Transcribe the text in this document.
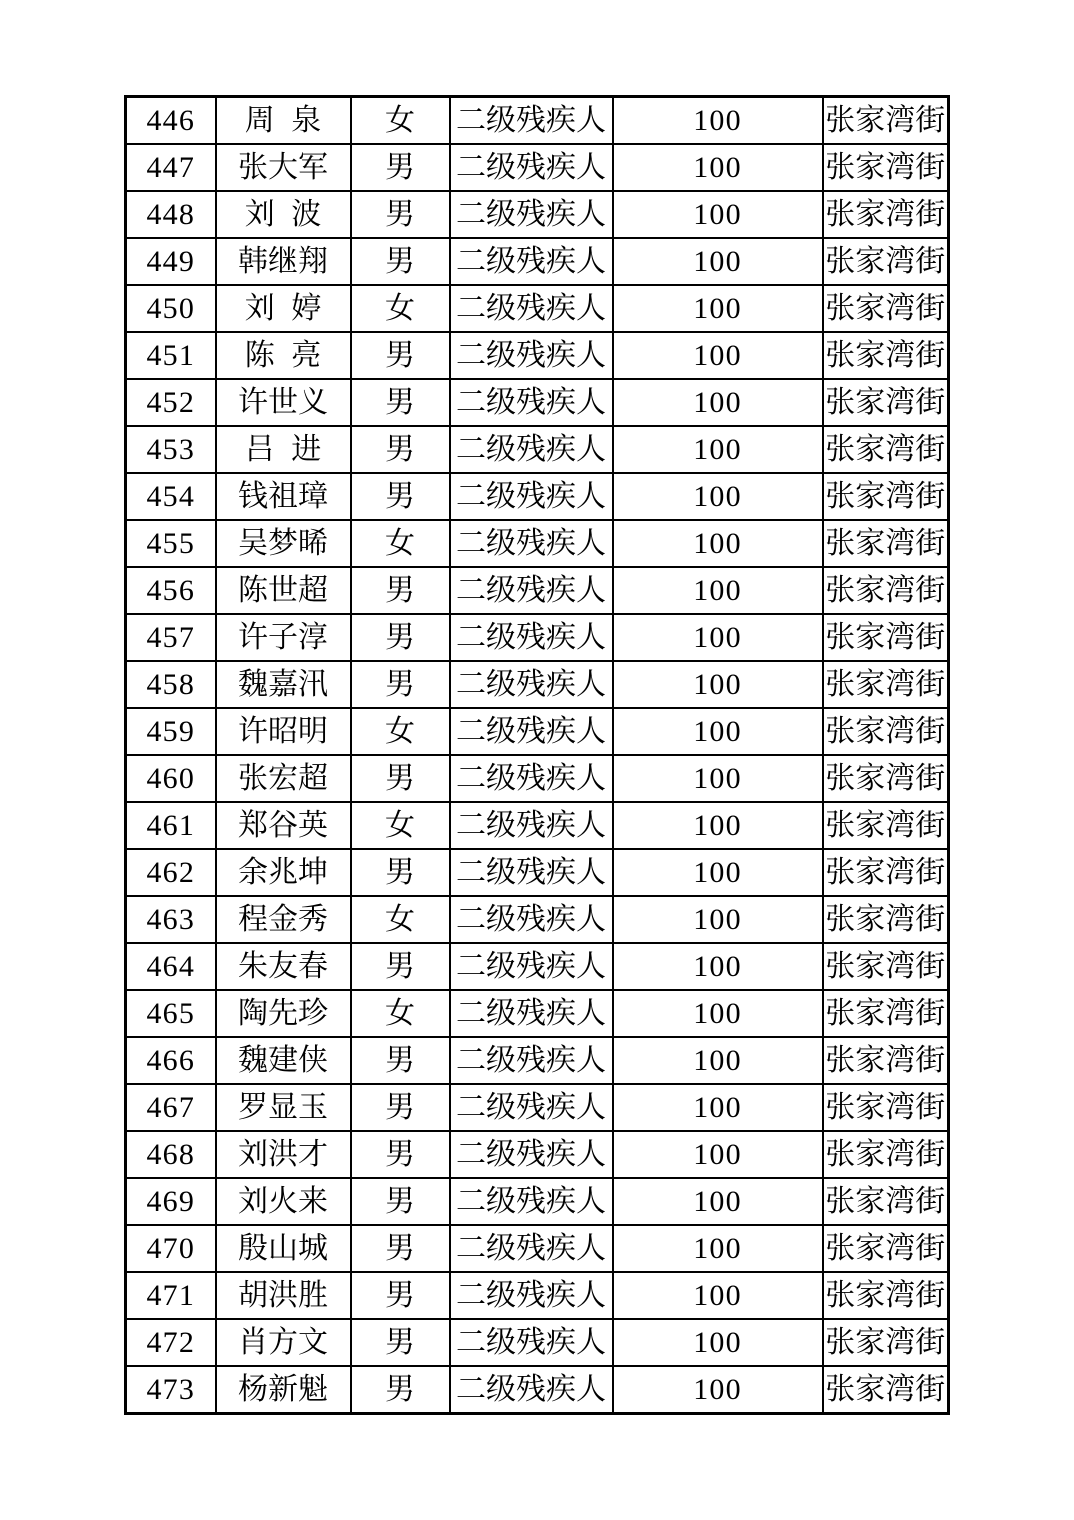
446	周泉	女	二级残疾人	100	张家湾街
447	张大军	男	二级残疾人	100	张家湾街
448	刘波	男	二级残疾人	100	张家湾街
449	韩继翔	男	二级残疾人	100	张家湾街
450	刘婷	女	二级残疾人	100	张家湾街
451	陈亮	男	二级残疾人	100	张家湾街
452	许世义	男	二级残疾人	100	张家湾街
453	吕进	男	二级残疾人	100	张家湾街
454	钱祖璋	男	二级残疾人	100	张家湾街
455	吴梦晞	女	二级残疾人	100	张家湾街
456	陈世超	男	二级残疾人	100	张家湾街
457	许子淳	男	二级残疾人	100	张家湾街
458	魏嘉汛	男	二级残疾人	100	张家湾街
459	许昭明	女	二级残疾人	100	张家湾街
460	张宏超	男	二级残疾人	100	张家湾街
461	郑谷英	女	二级残疾人	100	张家湾街
462	余兆坤	男	二级残疾人	100	张家湾街
463	程金秀	女	二级残疾人	100	张家湾街
464	朱友春	男	二级残疾人	100	张家湾街
465	陶先珍	女	二级残疾人	100	张家湾街
466	魏建侠	男	二级残疾人	100	张家湾街
467	罗显玉	男	二级残疾人	100	张家湾街
468	刘洪才	男	二级残疾人	100	张家湾街
469	刘火来	男	二级残疾人	100	张家湾街
470	殷山城	男	二级残疾人	100	张家湾街
471	胡洪胜	男	二级残疾人	100	张家湾街
472	肖方文	男	二级残疾人	100	张家湾街
473	杨新魁	男	二级残疾人	100	张家湾街
